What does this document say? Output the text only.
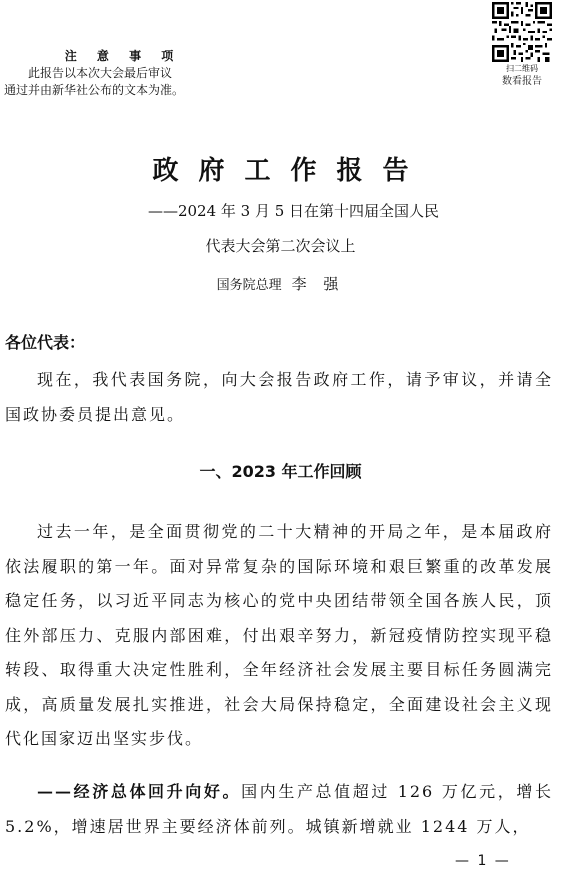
注 意 事 项
此报告以本次大会最后审议
通过并由新华社公布的文本为准。
扫二维码
数看报告
政府工作报告
——2024 年 3 月 5 日在第十四届全国人民
代表大会第二次会议上
国务院总理 李 强
各位代表：
现在，我代表国务院，向大会报告政府工作，请予审议，并请全国政协委员提出意见。
一、2023 年工作回顾
过去一年，是全面贯彻党的二十大精神的开局之年，是本届政府依法履职的第一年。面对异常复杂的国际环境和艰巨繁重的改革发展稳定任务，以习近平同志为核心的党中央团结带领全国各族人民，顶住外部压力、克服内部困难，付出艰辛努力，新冠疫情防控实现平稳转段、取得重大决定性胜利，全年经济社会发展主要目标任务圆满完成，高质量发展扎实推进，社会大局保持稳定，全面建设社会主义现代化国家迈出坚实步伐。
——经济总体回升向好。国内生产总值超过 126 万亿元，增长 5.2%，增速居世界主要经济体前列。城镇新增就业 1244 万人，
— 1 —
